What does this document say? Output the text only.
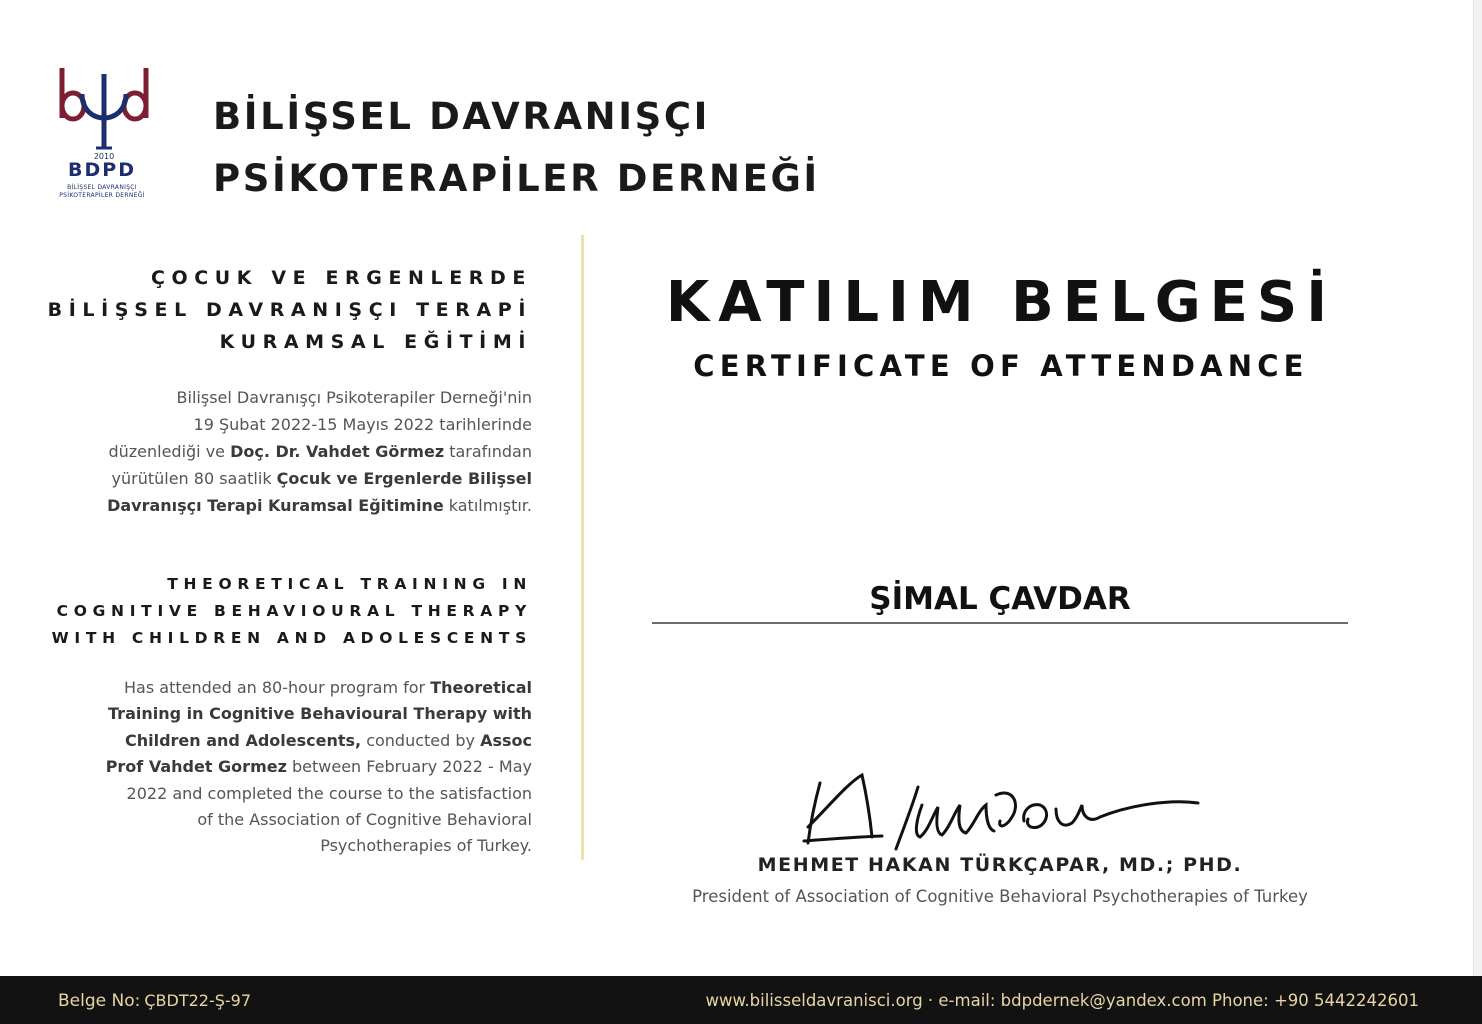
2010
BDPD
BİLİŞSEL DAVRANIŞÇI
PSİKOTERAPİLER DERNEĞİ
BİLİŞSEL DAVRANIŞÇI
PSİKOTERAPİLER DERNEĞİ
ÇOCUK VE ERGENLERDE
BİLİŞSEL DAVRANIŞÇI TERAPİ
KURAMSAL EĞİTİMİ
Bilişsel Davranışçı Psikoterapiler Derneği'nin
19 Şubat 2022-15 Mayıs 2022 tarihlerinde
düzenlediği ve Doç. Dr. Vahdet Görmez tarafından
yürütülen 80 saatlik Çocuk ve Ergenlerde Bilişsel
Davranışçı Terapi Kuramsal Eğitimine katılmıştır.
THEORETICAL TRAINING IN
COGNITIVE BEHAVIOURAL THERAPY
WITH CHILDREN AND ADOLESCENTS
Has attended an 80-hour program for Theoretical
Training in Cognitive Behavioural Therapy with
Children and Adolescents, conducted by Assoc
Prof Vahdet Gormez between February 2022 - May
2022 and completed the course to the satisfaction
of the Association of Cognitive Behavioral
Psychotherapies of Turkey.
KATILIM BELGESİ
CERTIFICATE OF ATTENDANCE
ŞİMAL ÇAVDAR
MEHMET HAKAN TÜRKÇAPAR, MD.; PHD.
President of Association of Cognitive Behavioral Psychotherapies of Turkey
Belge No: ÇBDT22-Ş-97	www.bilisseldavranisci.org · e-mail: bdpdernek@yandex.com Phone: +90 5442242601
